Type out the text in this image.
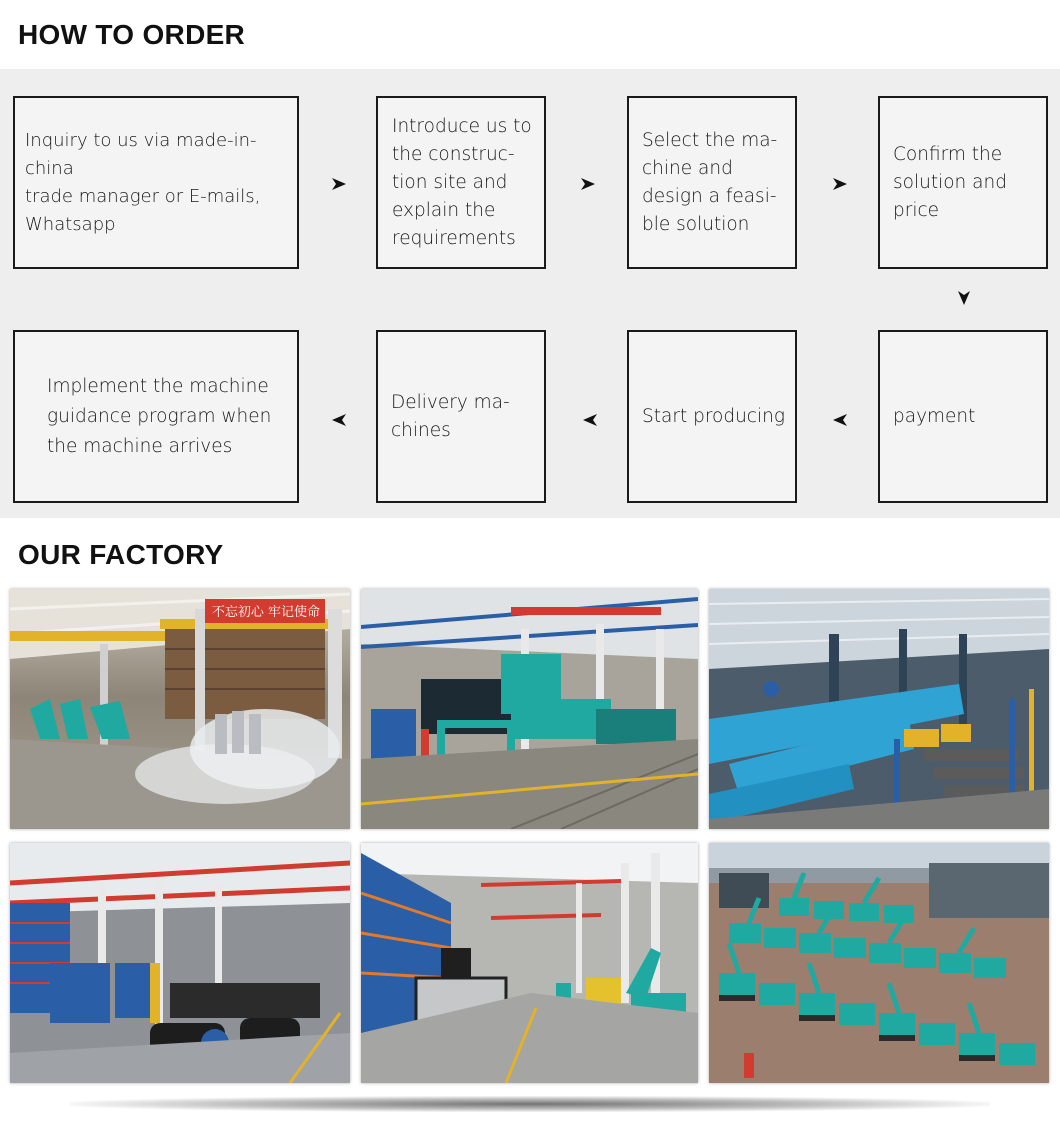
HOW TO ORDER
Inquiry to us via made-in-china
trade manager or E-mails,
Whatsapp
Introduce us to
the construc-
tion site and
explain the
requirements
Select the ma-
chine and
design a feasi-
ble solution
Confirm the
solution and
price
payment
Start producing
Delivery ma-
chines
Implement the machine
guidance program when
the machine arrives
OUR FACTORY
不忘初心 牢记使命
